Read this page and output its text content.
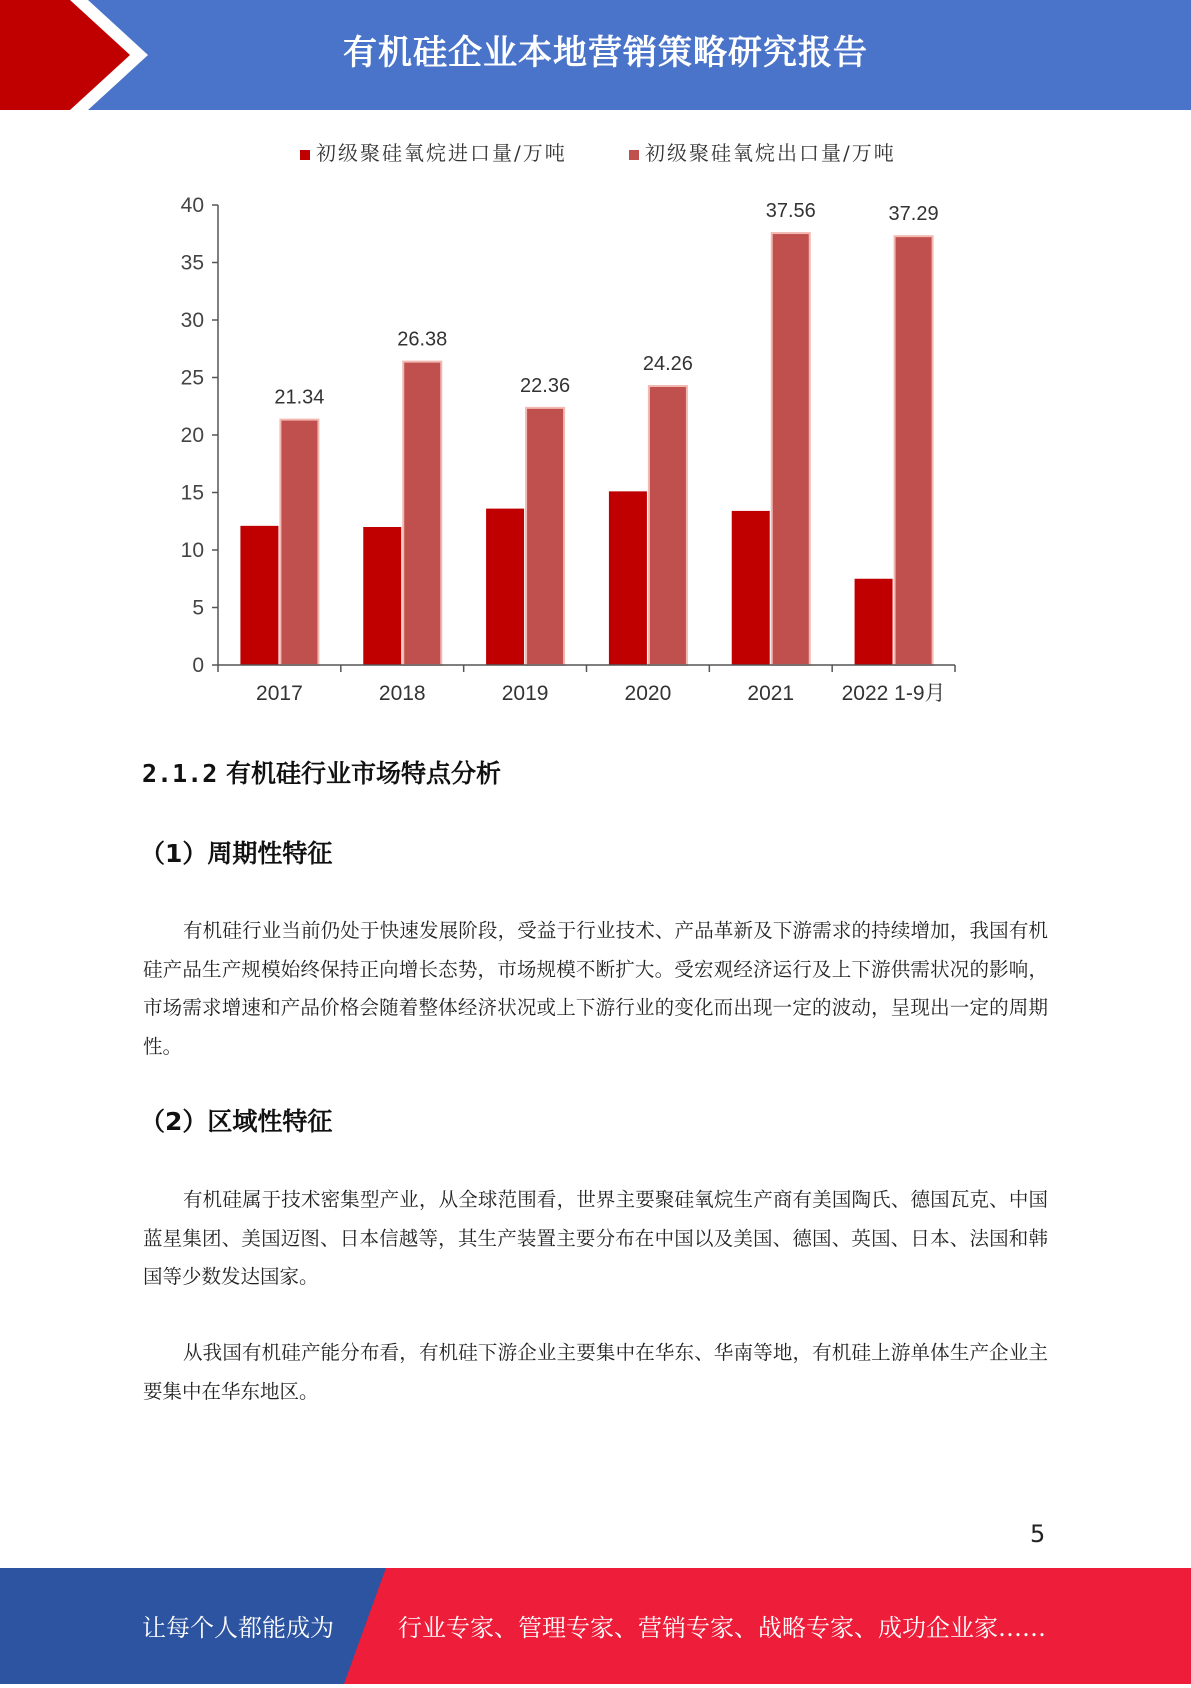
有机硅企业本地营销策略研究报告
初级聚硅氧烷进口量/万吨	初级聚硅氧烷出口量/万吨
0
5
10
15
20
25
30
35
40
21.34
26.38
22.36
24.26
37.56	37.29
2017	2018	2019	2020	2021 2022 1-9月
2.1.2 有机硅行业市场特点分析
（1）周期性特征

有机硅行业当前仍处于快速发展阶段，受益于行业技术、产品革新及下游需求的持续增加，我国有机硅产品生产规模始终保持正向增长态势，市场规模不断扩大。受宏观经济运行及上下游供需状况的影响，市场需求增速和产品价格会随着整体经济状况或上下游行业的变化而出现一定的波动，呈现出一定的周期性。

（2）区域性特征

有机硅属于技术密集型产业，从全球范围看，世界主要聚硅氧烷生产商有美国陶氏、德国瓦克、中国蓝星集团、美国迈图、日本信越等，其生产装置主要分布在中国以及美国、德国、英国、日本、法国和韩国等少数发达国家。

从我国有机硅产能分布看，有机硅下游企业主要集中在华东、华南等地，有机硅上游单体生产企业主要集中在华东地区。

5
让每个人都能成为	行业专家、管理专家、营销专家、战略专家、成功企业家……
